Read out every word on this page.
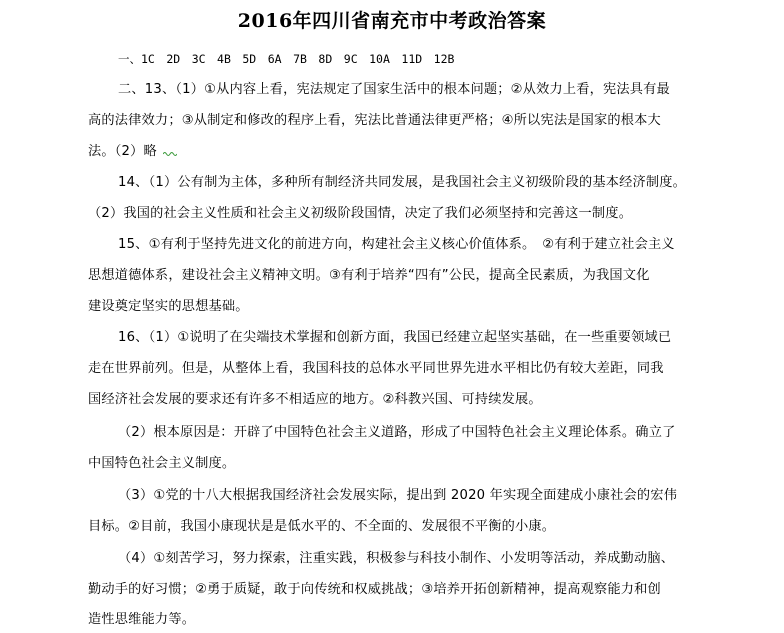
2016年四川省南充市中考政治答案
一、1C　2D　3C　4B　5D　6A　7B　8D　9C　10A　11D　12B
二、13、（1）①从内容上看，宪法规定了国家生活中的根本问题；②从效力上看，宪法具有最
高的法律效力；③从制定和修改的程序上看，宪法比普通法律更严格；④所以宪法是国家的根本大
法。（2）略
14、（1）公有制为主体，多种所有制经济共同发展，是我国社会主义初级阶段的基本经济制度。
（2）我国的社会主义性质和社会主义初级阶段国情，决定了我们必须坚持和完善这一制度。
15、①有利于坚持先进文化的前进方向，构建社会主义核心价值体系。　②有利于建立社会主义
思想道德体系，建设社会主义精神文明。③有利于培养“四有”公民，提高全民素质，为我国文化
建设奠定坚实的思想基础。
16、（1）①说明了在尖端技术掌握和创新方面，我国已经建立起坚实基础，在一些重要领域已
走在世界前列。但是，从整体上看，我国科技的总体水平同世界先进水平相比仍有较大差距，同我
国经济社会发展的要求还有许多不相适应的地方。②科教兴国、可持续发展。
（2）根本原因是：开辟了中国特色社会主义道路，形成了中国特色社会主义理论体系。确立了
中国特色社会主义制度。
（3）①党的十八大根据我国经济社会发展实际，提出到 2020 年实现全面建成小康社会的宏伟
目标。②目前，我国小康现状是是低水平的、不全面的、发展很不平衡的小康。
（4）①刻苦学习，努力探索，注重实践，积极参与科技小制作、小发明等活动，养成勤动脑、
勤动手的好习惯；②勇于质疑，敢于向传统和权威挑战；③培养开拓创新精神，提高观察能力和创
造性思维能力等。
